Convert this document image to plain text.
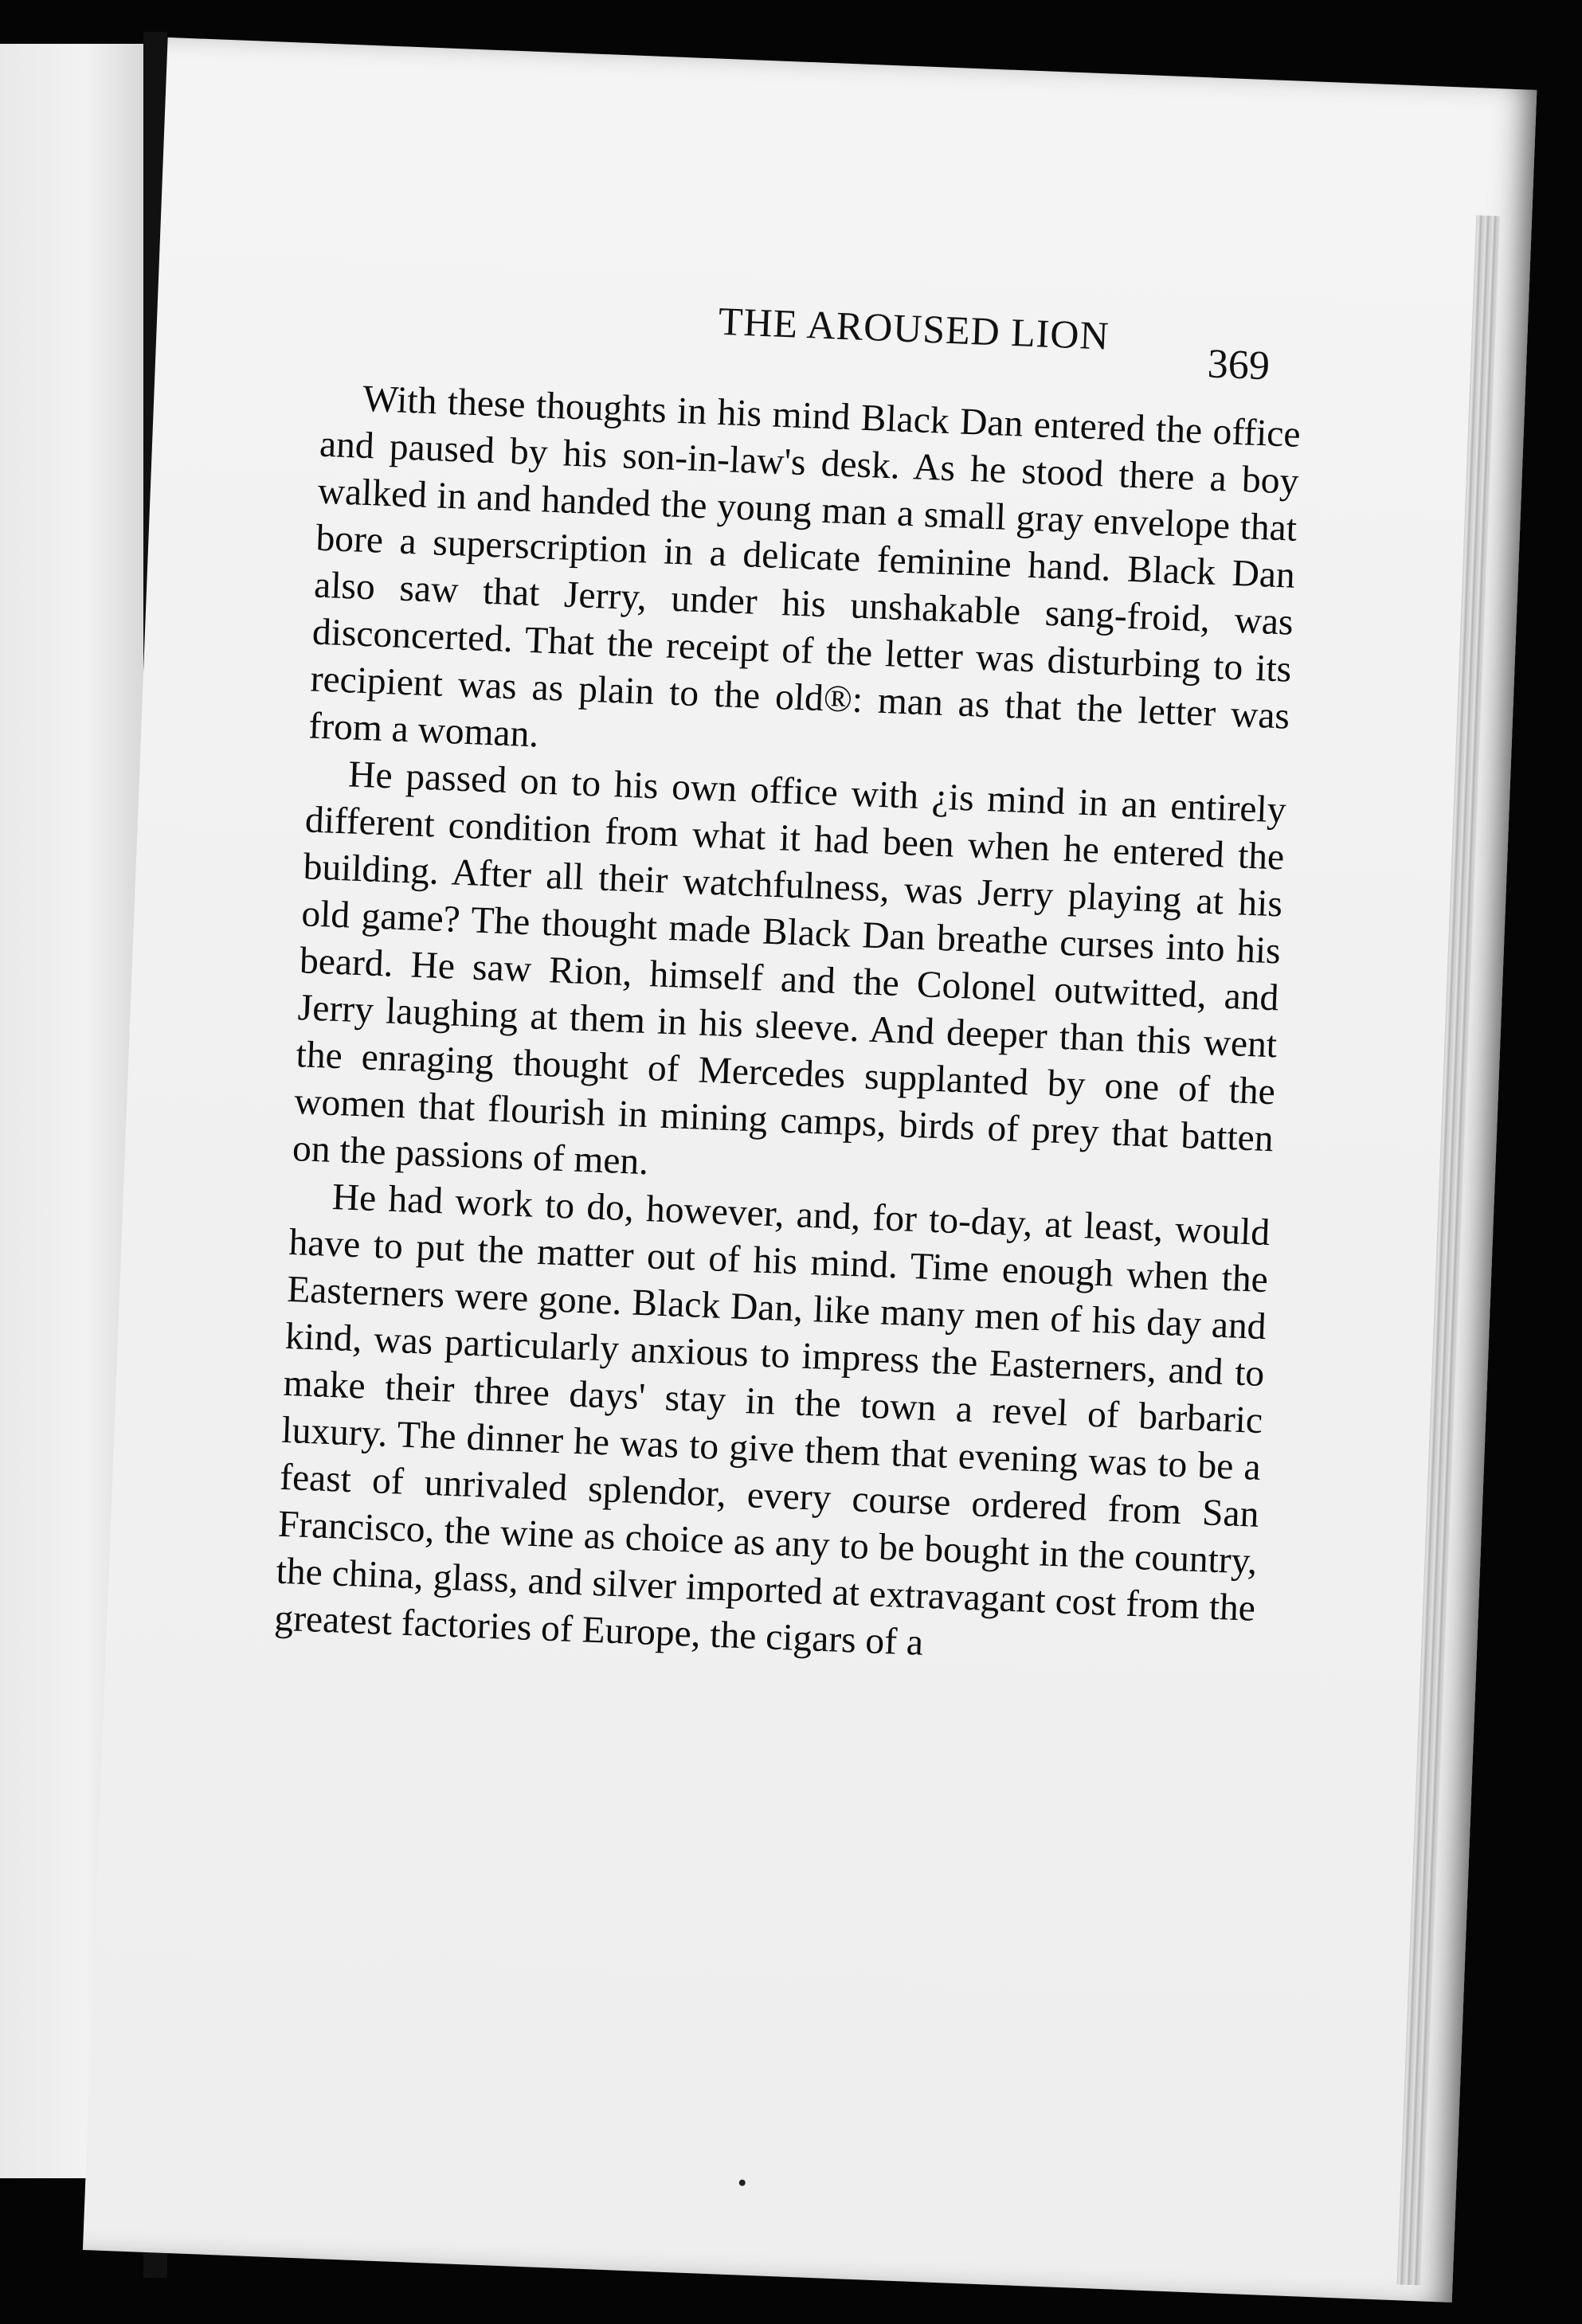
THE AROUSED LION
369

With these thoughts in his mind Black Dan entered the office and paused by his son-in-law's desk. As he stood there a boy walked in and handed the young man a small gray envelope that bore a superscription in a delicate feminine hand. Black Dan also saw that Jerry, under his unshakable sang-froid, was disconcerted. That the receipt of the letter was disturbing to its recipient was as plain to the old®: man as that the letter was from a woman.

He passed on to his own office with ¿is mind in an entirely different condition from what it had been when he entered the building. After all their watchfulness, was Jerry playing at his old game? The thought made Black Dan breathe curses into his beard. He saw Rion, himself and the Colonel outwitted, and Jerry laughing at them in his sleeve. And deeper than this went the enraging thought of Mercedes supplanted by one of the women that flourish in mining camps, birds of prey that batten on the passions of men.

He had work to do, however, and, for to-day, at least, would have to put the matter out of his mind. Time enough when the Easterners were gone. Black Dan, like many men of his day and kind, was particularly anxious to impress the Easterners, and to make their three days' stay in the town a revel of barbaric luxury. The dinner he was to give them that evening was to be a feast of unrivaled splendor, every course ordered from San Francisco, the wine as choice as any to be bought in the country, the china, glass, and silver imported at extravagant cost from the greatest factories of Europe, the cigars of a
